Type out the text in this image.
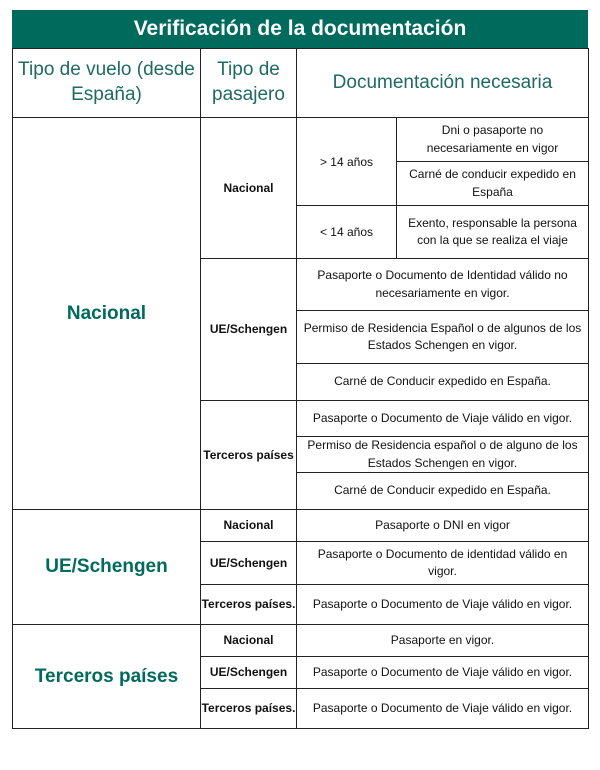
Verificación de la documentación
Tipo de vuelo (desde España)	Tipo de pasajero	Documentación necesaria	
Nacional	Nacional	> 14 años	Dni o pasaporte no necesariamente en vigor
			Carné de conducir expedido en España
		< 14 años	Exento, responsable la persona con la que se realiza el viaje
	UE/Schengen	Pasaporte o Documento de Identidad válido no necesariamente en vigor.	
		Permiso de Residencia Español o de algunos de los Estados Schengen en vigor.	
		Carné de Conducir expedido en España.	
	Terceros países	Pasaporte o Documento de Viaje válido en vigor.	
		Permiso de Residencia español o de alguno de los Estados Schengen en vigor.	
		Carné de Conducir expedido en España.	
UE/Schengen	Nacional	Pasaporte o DNI en vigor	
	UE/Schengen	Pasaporte o Documento de identidad válido en vigor.	
	Terceros países.	Pasaporte o Documento de Viaje válido en vigor.	
Terceros países	Nacional	Pasaporte en vigor.	
	UE/Schengen	Pasaporte o Documento de Viaje válido en vigor.	
	Terceros países.	Pasaporte o Documento de Viaje válido en vigor.	
